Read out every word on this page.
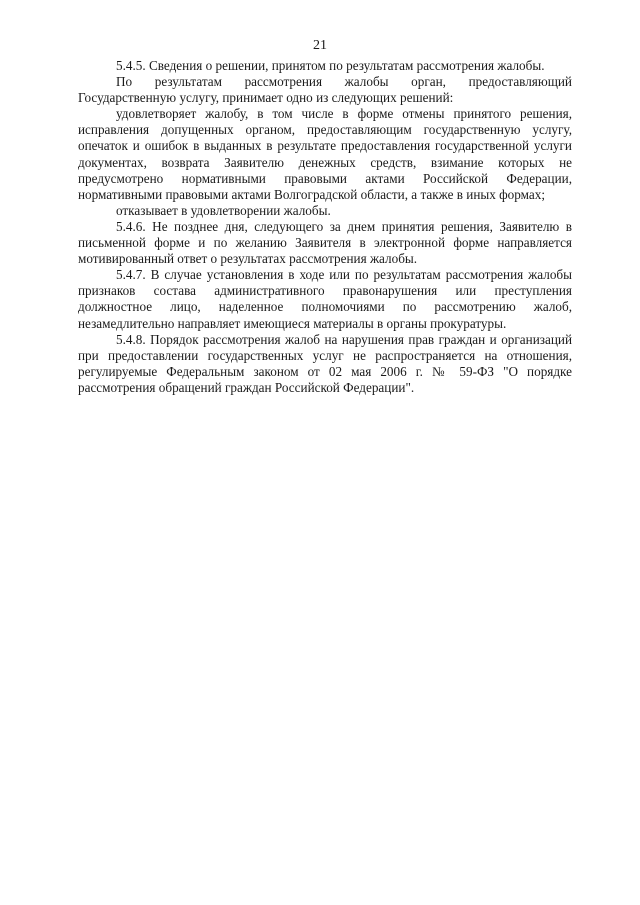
21

5.4.5. Сведения о решении, принятом по результатам рассмотрения жалобы.

По результатам рассмотрения жалобы орган, предоставляющий Государственную услугу, принимает одно из следующих решений:

удовлетворяет жалобу, в том числе в форме отмены принятого решения, исправления допущенных органом, предоставляющим государственную услугу, опечаток и ошибок в выданных в результате предоставления государственной услуги документах, возврата Заявителю денежных средств, взимание которых не предусмотрено нормативными правовыми актами Российской Федерации, нормативными правовыми актами Волгоградской области, а также в иных формах;

отказывает в удовлетворении жалобы.

5.4.6. Не позднее дня, следующего за днем принятия решения, Заявителю в письменной форме и по желанию Заявителя в электронной форме направляется мотивированный ответ о результатах рассмотрения жалобы.

5.4.7. В случае установления в ходе или по результатам рассмотрения жалобы признаков состава административного правонарушения или преступления должностное лицо, наделенное полномочиями по рассмотрению жалоб, незамедлительно направляет имеющиеся материалы в органы прокуратуры.

5.4.8. Порядок рассмотрения жалоб на нарушения прав граждан и организаций при предоставлении государственных услуг не распространяется на отношения, регулируемые Федеральным законом от 02 мая 2006 г. № 59-ФЗ "О порядке рассмотрения обращений граждан Российской Федерации".
